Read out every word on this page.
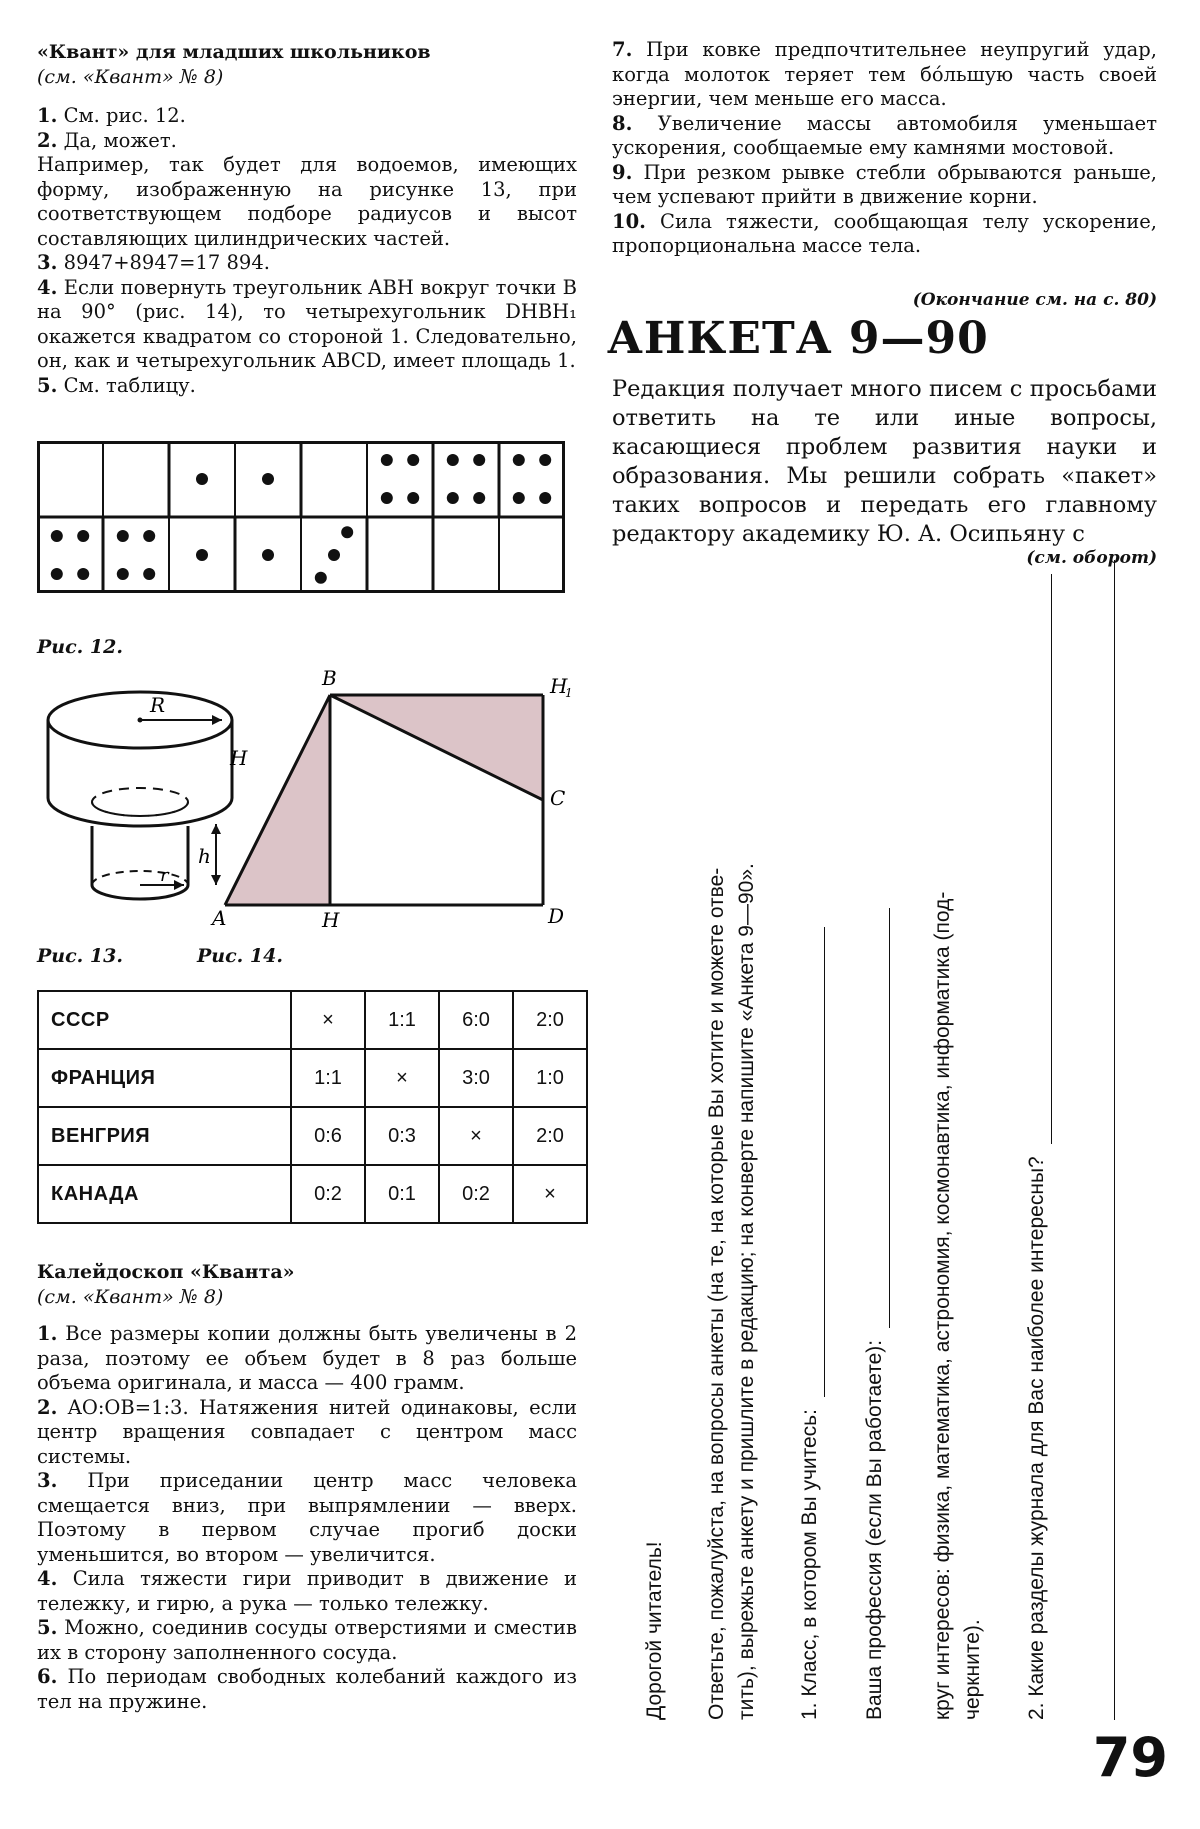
«Квант» для младших школьников
(см. «Квант» № 8)

1. См. рис. 12.

2. Да, может.

Например, так будет для водоемов, имеющих форму, изображенную на рисунке 13, при соответствующем подборе радиусов и высот составляющих цилиндрических частей.

3. 8947+8947=17 894.

4. Если повернуть треугольник ABH вокруг точки B на 90° (рис. 14), то четырехугольник DHBH₁ окажется квадратом со стороной 1. Следовательно, он, как и четырехугольник ABCD, имеет площадь 1.

5. См. таблицу.

Рис. 12.
R
H
h
r
B	H
1
C
A	H	D
Рис. 13.	Рис. 14.
СССР	×	1:1	6:0	2:0
ФРАНЦИЯ	1:1	×	3:0	1:0
ВЕНГРИЯ	0:6	0:3	×	2:0
КАНАДА	0:2	0:1	0:2	×
Калейдоскоп «Кванта»
(см. «Квант» № 8)

1. Все размеры копии должны быть увеличены в 2 раза, поэтому ее объем будет в 8 раз больше объема оригинала, и масса — 400 грамм.

2. AO:OB=1:3. Натяжения нитей одинаковы, если центр вращения совпадает с центром масс системы.

3. При приседании центр масс человека смещается вниз, при выпрямлении — вверх. Поэтому в первом случае прогиб доски уменьшится, во втором — увеличится.

4. Сила тяжести гири приводит в движение и тележку, и гирю, а рука — только тележку.

5. Можно, соединив сосуды отверстиями и сместив их в сторону заполненного сосуда.

6. По периодам свободных колебаний каждого из тел на пружине.

7. При ковке предпочтительнее неупругий удар, когда молоток теряет тем бо́льшую часть своей энергии, чем меньше его масса.

8. Увеличение массы автомобиля уменьшает ускорения, сообщаемые ему камнями мостовой.

9. При резком рывке стебли обрываются раньше, чем успевают прийти в движение корни.

10. Сила тяжести, сообщающая телу ускорение, пропорциональна массе тела.

(Окончание см. на с. 80)
АНКЕТА 9—90
Редакция получает много писем с просьбами ответить на те или иные вопросы, касающиеся проблем развития науки и образования. Мы решили собрать «пакет» таких вопросов и передать его главному редактору академику Ю. А. Осипьяну с
(см. оборот)
Дорогой читатель! Ответьте, пожалуйста, на вопросы анкеты (на те, на которые Вы хотите и можете отве- тить), вырежьте анкету и пришлите в редакцию; на конверте напишите «Анкета 9—90». 1. Класс, в котором Вы учитесь: Ваша профессия (если Вы работаете): круг интересов: физика, математика, астрономия, космонавтика, информатика (под- черкните). 2. Какие разделы журнала для Вас наиболее интересны?
79
